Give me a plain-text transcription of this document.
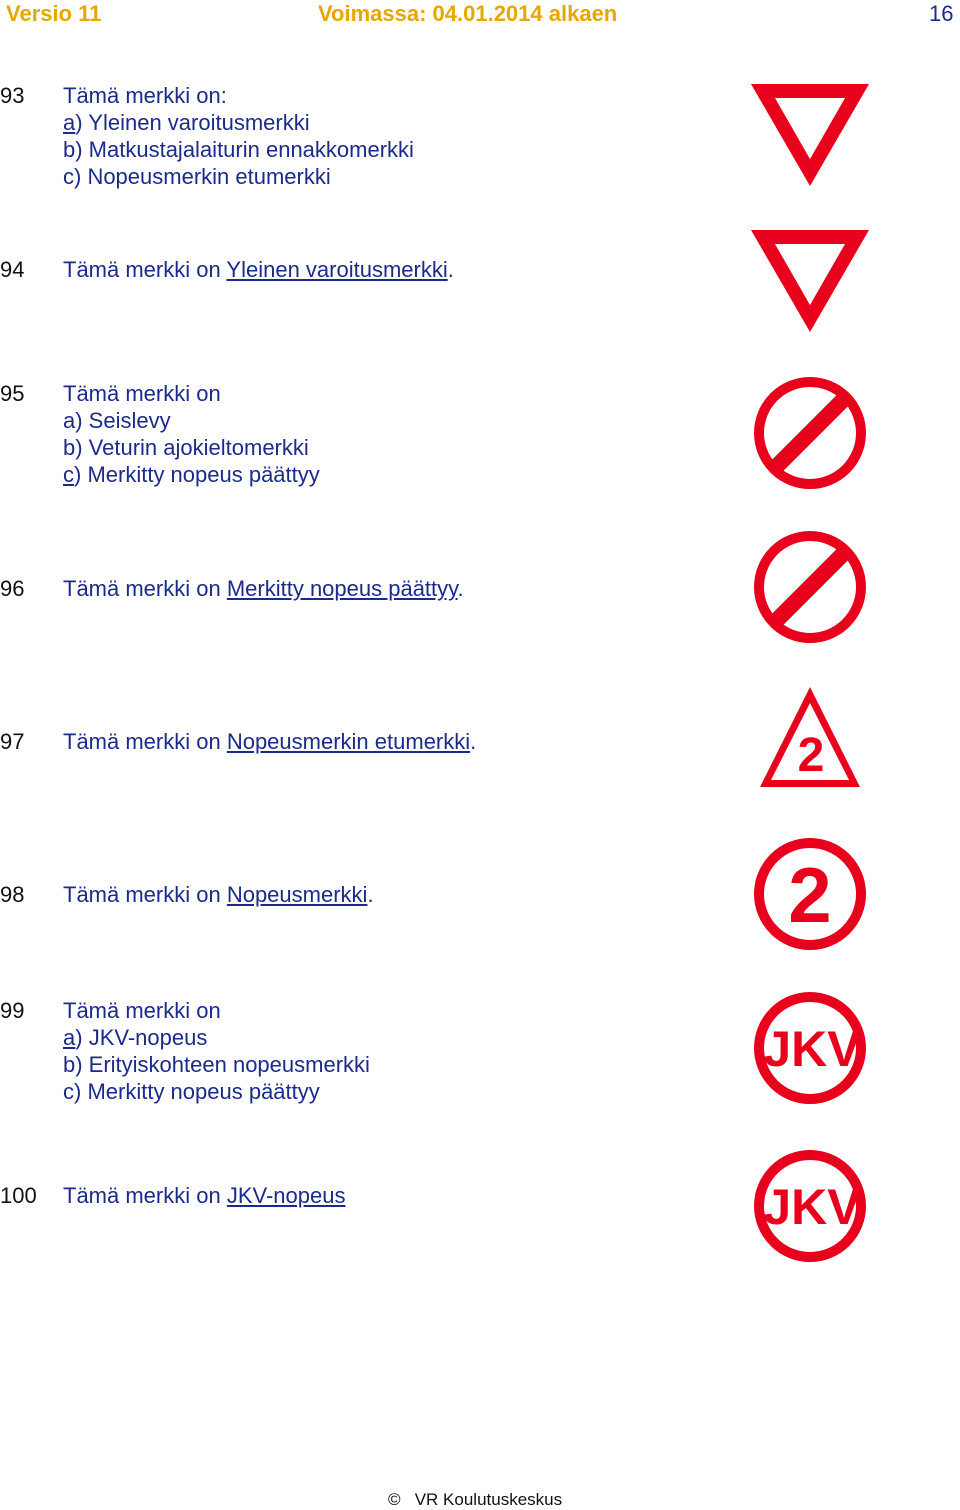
Versio 11	Voimassa: 04.01.2014 alkaen	16
93	Tämä merkki on:
a) Yleinen varoitusmerkki
b) Matkustajalaiturin ennakkomerkki
c) Nopeusmerkin etumerkki
94	Tämä merkki on Yleinen varoitusmerkki.
95	Tämä merkki on
a) Seislevy
b) Veturin ajokieltomerkki
c) Merkitty nopeus päättyy
96	Tämä merkki on Merkitty nopeus päättyy.
97	Tämä merkki on Nopeusmerkin etumerkki.
98	Tämä merkki on Nopeusmerkki.
99	Tämä merkki on
a) JKV-nopeus
b) Erityiskohteen nopeusmerkki
c) Merkitty nopeus päättyy
100	Tämä merkki on JKV-nopeus
2
2
JKV
JKV
© VR Koulutuskeskus
